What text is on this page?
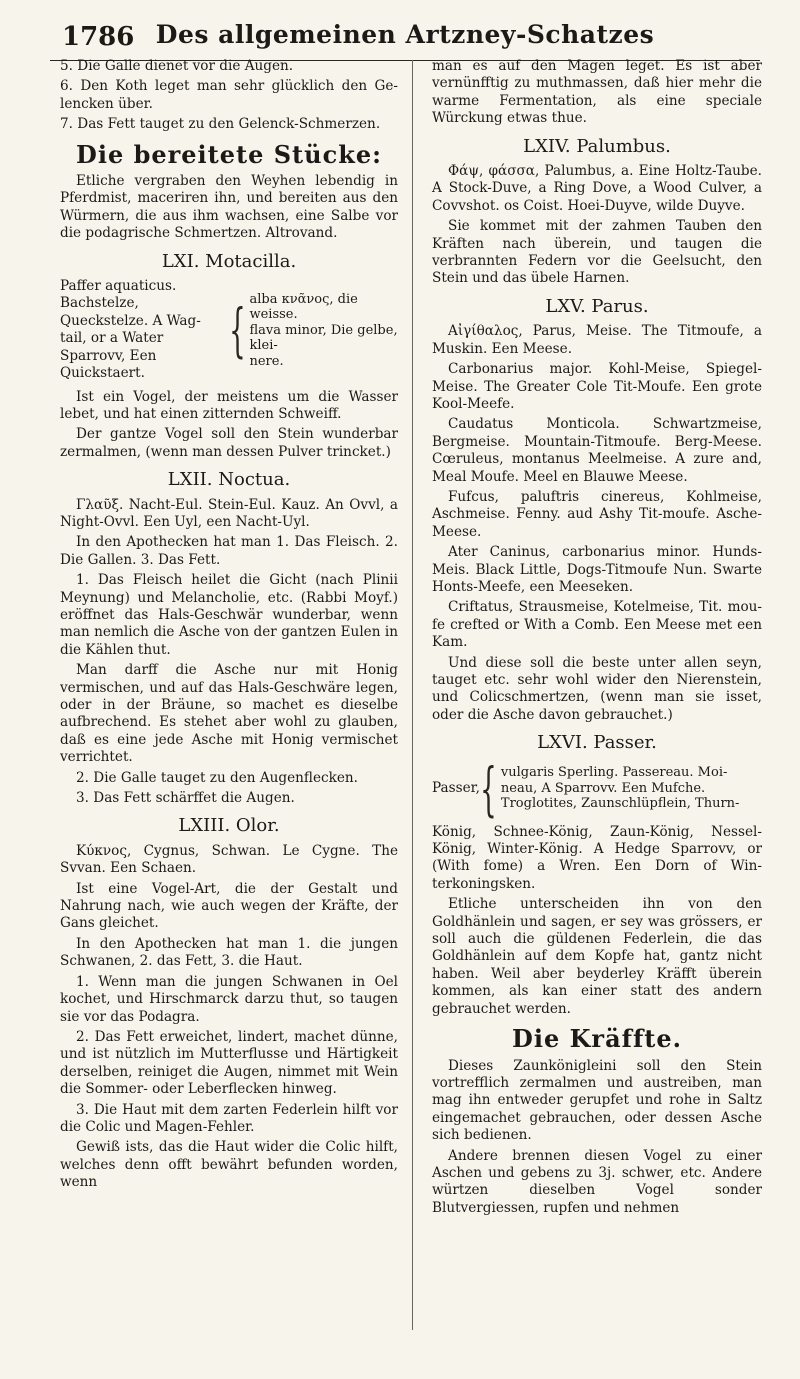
1786 Des allgemeinen Artzney-Schatzes

5. Die Galle dienet vor die Augen.

6. Den Koth leget man sehr glücklich den Ge-lencken über.

7. Das Fett tauget zu den Gelenck-Schmerzen.

Die bereitete Stücke:

Etliche vergraben den Weyhen lebendig in Pferdmist, maceriren ihn, und bereiten aus den Würmern, die aus ihm wachsen, eine Salbe vor die podagrische Schmertzen. Altrovand.

LXI. Motacilla.
Paffer aquaticus. Bachstelze, Queckstelze. A Wag-tail, or a Water Sparrovv, Een Quickstaert.
{ alba κνᾶνος, die weisse.
flava minor, Die gelbe, klei-
nere.

Ist ein Vogel, der meistens um die Wasser lebet, und hat einen zitternden Schweiff.

Der gantze Vogel soll den Stein wunderbar zermalmen, (wenn man dessen Pulver trincket.)

LXII. Noctua.

Γλαῦξ. Nacht-Eul. Stein-Eul. Kauz. An Ovvl, a Night-Ovvl. Een Uyl, een Nacht-Uyl.

In den Apothecken hat man 1. Das Fleisch. 2. Die Gallen. 3. Das Fett.

1. Das Fleisch heilet die Gicht (nach Plinii Meynung) und Melancholie, etc. (Rabbi Moyf.) eröffnet das Hals-Geschwär wunderbar, wenn man nemlich die Asche von der gantzen Eulen in die Kählen thut.

Man darff die Asche nur mit Honig vermischen, und auf das Hals-Geschwäre legen, oder in der Bräune, so machet es dieselbe aufbrechend. Es stehet aber wohl zu glauben, daß es eine jede Asche mit Honig vermischet verrichtet.

2. Die Galle tauget zu den Augenflecken.

3. Das Fett schärffet die Augen.

LXIII. Olor.

Κύκνος, Cygnus, Schwan. Le Cygne. The Svvan. Een Schaen.

Ist eine Vogel-Art, die der Gestalt und Nahrung nach, wie auch wegen der Kräfte, der Gans gleichet.

In den Apothecken hat man 1. die jungen Schwanen, 2. das Fett, 3. die Haut.

1. Wenn man die jungen Schwanen in Oel kochet, und Hirschmarck darzu thut, so taugen sie vor das Podagra.

2. Das Fett erweichet, lindert, machet dünne, und ist nützlich im Mutterflusse und Härtigkeit derselben, reiniget die Augen, nimmet mit Wein die Sommer- oder Leberflecken hinweg.

3. Die Haut mit dem zarten Federlein hilft vor die Colic und Magen-Fehler.

Gewiß ists, das die Haut wider die Colic hilft, welches denn offt bewährt befunden worden, wenn

man es auf den Magen leget. Es ist aber vernünfftig zu muthmassen, daß hier mehr die warme Fermentation, als eine speciale Würckung etwas thue.

LXIV. Palumbus.

Φάψ, φάσσα, Palumbus, a. Eine Holtz-Taube. A Stock-Duve, a Ring Dove, a Wood Culver, a Covvshot. os Coist. Hoei-Duyve, wilde Duyve.

Sie kommet mit der zahmen Tauben den Kräften nach überein, und taugen die verbrannten Federn vor die Geelsucht, den Stein und das übele Harnen.

LXV. Parus.

Αἰγίθαλος, Parus, Meise. The Titmoufe, a Muskin. Een Meese.

Carbonarius major. Kohl-Meise, Spiegel-Meise. The Greater Cole Tit-Moufe. Een grote Kool-Meefe.

Caudatus Monticola. Schwartzmeise, Bergmeise. Mountain-Titmoufe. Berg-Meese. Cœruleus, montanus Meelmeise. A zure and, Meal Moufe. Meel en Blauwe Meese.

Fufcus, paluftris cinereus, Kohlmeise, Aschmeise. Fenny. aud Ashy Tit-moufe. Asche-Meese.

Ater Caninus, carbonarius minor. Hunds-Meis. Black Little, Dogs-Titmoufe Nun. Swarte Honts-Meefe, een Meeseken.

Criftatus, Strausmeise, Kotelmeise, Tit. mou-fe crefted or With a Comb. Een Meese met een Kam.

Und diese soll die beste unter allen seyn, tauget etc. sehr wohl wider den Nierenstein, und Colicschmertzen, (wenn man sie isset, oder die Asche davon gebrauchet.)

LXVI. Passer.
Passer, { vulgaris Sperling. Passereau. Moi-
neau, A Sparrovv. Een Mufche.
Troglotites, Zaunschlüpflein, Thurn-

König, Schnee-König, Zaun-König, Nessel-König, Winter-König. A Hedge Sparrovv, or (With fome) a Wren. Een Dorn of Win-terkoningsken.

Etliche unterscheiden ihn von den Goldhänlein und sagen, er sey was grössers, er soll auch die güldenen Federlein, die das Goldhänlein auf dem Kopfe hat, gantz nicht haben. Weil aber beyderley Kräfft überein kommen, als kan einer statt des andern gebrauchet werden.

Die Kräffte.

Dieses Zaunkönigleini soll den Stein vortrefflich zermalmen und austreiben, man mag ihn entweder gerupfet und rohe in Saltz eingemachet gebrauchen, oder dessen Asche sich bedienen.

Andere brennen diesen Vogel zu einer Aschen und gebens zu 3j. schwer, etc. Andere würtzen dieselben Vogel sonder Blutvergiessen, rupfen und nehmen
